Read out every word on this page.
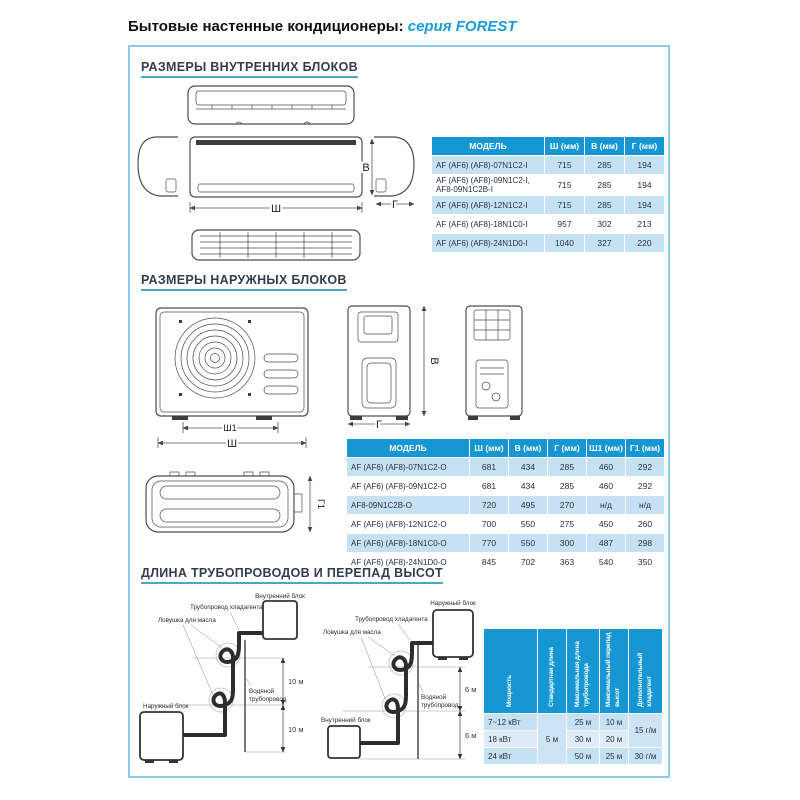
Бытовые настенные кондиционеры: серия FOREST
РАЗМЕРЫ ВНУТРЕННИХ БЛОКОВ
Ш
В
Г
МОДЕЛЬ	Ш (мм)	В (мм)	Г (мм)
AF (AF6) (AF8)-07N1C2-I	715	285	194
AF (AF6) (AF8)-09N1C2-I, AF8-09N1C2B-I	715	285	194
AF (AF6) (AF8)-12N1C2-I	715	285	194
AF (AF6) (AF8)-18N1C0-I	957	302	213
AF (AF6) (AF8)-24N1D0-I	1040	327	220
РАЗМЕРЫ НАРУЖНЫХ БЛОКОВ
Ш1
Ш
В
Г
Г1
МОДЕЛЬ	Ш (мм)	В (мм)	Г (мм)	Ш1 (мм)	Г1 (мм)
AF (AF6) (AF8)-07N1C2-O	681	434	285	460	292
AF (AF6) (AF8)-09N1C2-O	681	434	285	460	292
AF8-09N1C2B-O	720	495	270	н/д	н/д
AF (AF6) (AF8)-12N1C2-O	700	550	275	450	260
AF (AF6) (AF8)-18N1C0-O	770	550	300	487	298
AF (AF6) (AF8)-24N1D0-O	845	702	363	540	350
ДЛИНА ТРУБОПРОВОДОВ И ПЕРЕПАД ВЫСОТ
Внутренний блок
Трубопровод хладагента
Ловушка для масла
Водяной
трубопровод
Наружный блок
10 м
10 м
Наружный блок
Трубопровод хладагента
Ловушка для масла
Водяной
трубопровод
Внутренний блок
6 м
6 м
Мощность	Стандартная длина	Максимальная длина трубопровода	Максимальный перепад высот	Дополнительный хладагент
7~12 кВт	5 м	25 м	10 м	15 г/м
18 кВт		30 м	20 м	
24 кВт		50 м	25 м	30 г/м
